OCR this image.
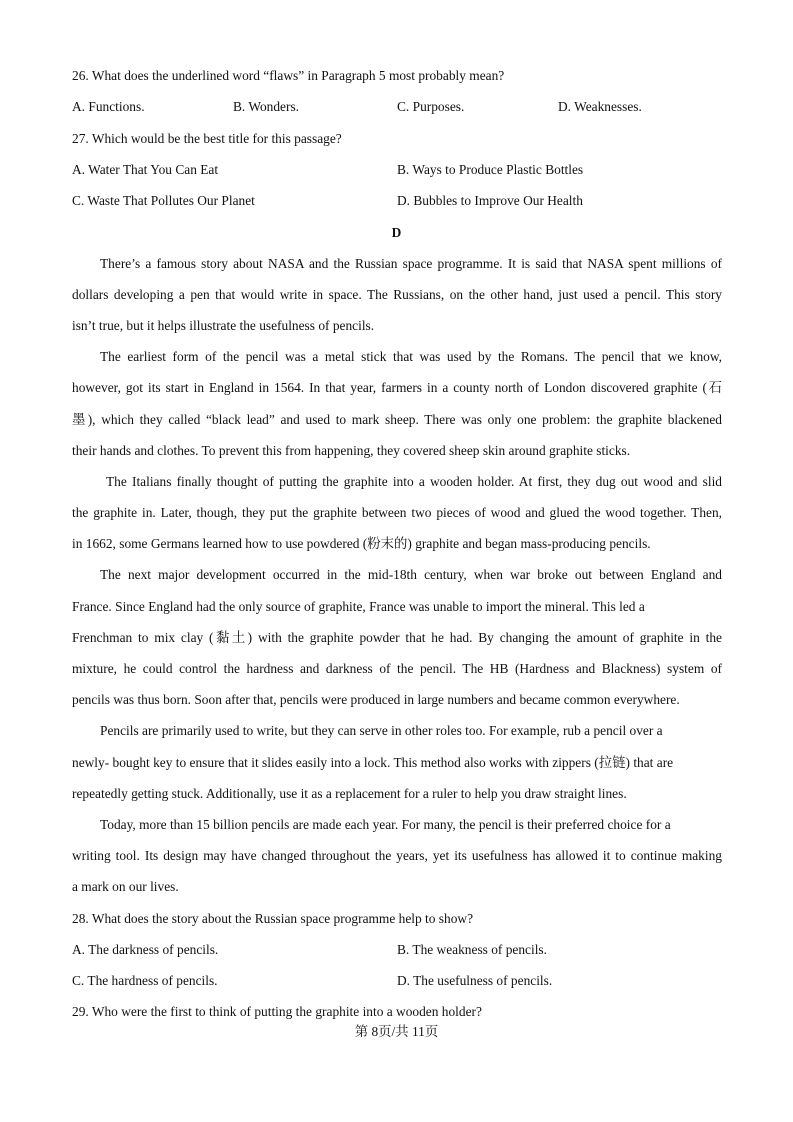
26. What does the underlined word “flaws” in Paragraph 5 most probably mean?
A. Functions.	B. Wonders.	C. Purposes.	D. Weaknesses.
27. Which would be the best title for this passage?
A. Water That You Can Eat	B. Ways to Produce Plastic Bottles
C. Waste That Pollutes Our Planet	D. Bubbles to Improve Our Health
D
There’s a famous story about NASA and the Russian space programme. It is said that NASA spent millions of
dollars developing a pen that would write in space. The Russians, on the other hand, just used a pencil. This story
isn’t true, but it helps illustrate the usefulness of pencils.
The earliest form of the pencil was a metal stick that was used by the Romans. The pencil that we know,
however, got its start in England in 1564. In that year, farmers in a county north of London discovered graphite (石
墨), which they called “black lead” and used to mark sheep. There was only one problem: the graphite blackened
their hands and clothes. To prevent this from happening, they covered sheep skin around graphite sticks.
The Italians finally thought of putting the graphite into a wooden holder. At first, they dug out wood and slid
the graphite in. Later, though, they put the graphite between two pieces of wood and glued the wood together. Then,
in 1662, some Germans learned how to use powdered (粉末的) graphite and began mass-producing pencils.
The next major development occurred in the mid-18th century, when war broke out between England and
France. Since England had the only source of graphite, France was unable to import the mineral. This led a
Frenchman to mix clay (黏土) with the graphite powder that he had. By changing the amount of graphite in the
mixture, he could control the hardness and darkness of the pencil. The HB (Hardness and Blackness) system of
pencils was thus born. Soon after that, pencils were produced in large numbers and became common everywhere.
Pencils are primarily used to write, but they can serve in other roles too. For example, rub a pencil over a
newly- bought key to ensure that it slides easily into a lock. This method also works with zippers (拉链) that are
repeatedly getting stuck. Additionally, use it as a replacement for a ruler to help you draw straight lines.
Today, more than 15 billion pencils are made each year. For many, the pencil is their preferred choice for a
writing tool. Its design may have changed throughout the years, yet its usefulness has allowed it to continue making
a mark on our lives.
28. What does the story about the Russian space programme help to show?
A. The darkness of pencils.	B. The weakness of pencils.
C. The hardness of pencils.	D. The usefulness of pencils.
29. Who were the first to think of putting the graphite into a wooden holder?
第 8页/共 11页
